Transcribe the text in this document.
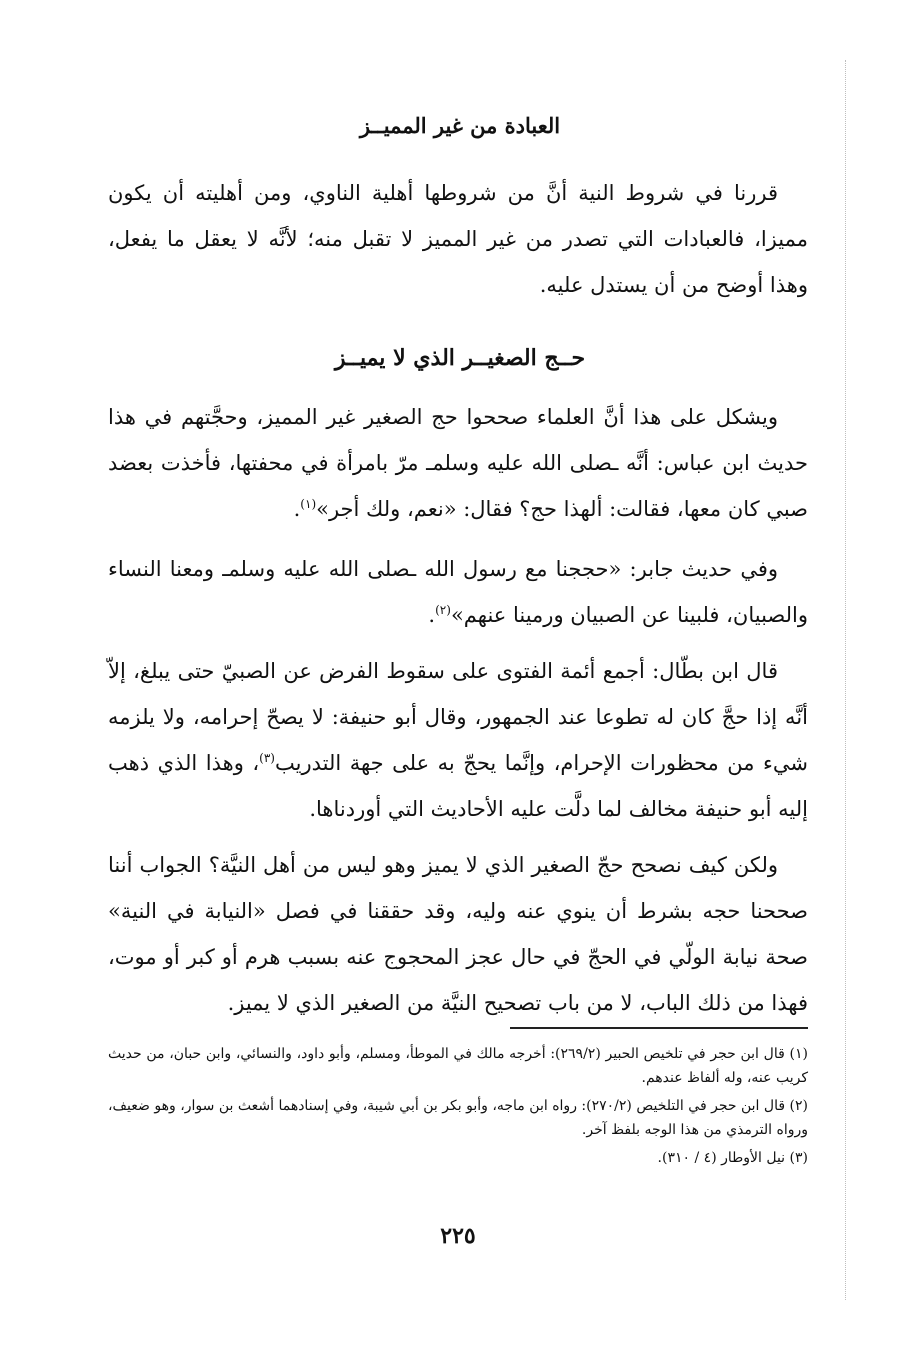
العبادة من غير المميــز

قررنا في شروط النية أنَّ من شروطها أهلية الناوي، ومن أهليته أن يكون مميزا، فالعبادات التي تصدر من غير المميز لا تقبل منه؛ لأنَّه لا يعقل ما يفعل، وهذا أوضح من أن يستدل عليه.

حــج الصغيــر الذي لا يميــز

ويشكل على هذا أنَّ العلماء صححوا حج الصغير غير المميز، وحجَّتهم في هذا حديث ابن عباس: أنَّه ـصلى الله عليه وسلمـ مرّ بامرأة في محفتها، فأخذت بعضد صبي كان معها، فقالت: ألهذا حج؟ فقال: «نعم، ولك أجر»$^{(١)}$.

وفي حديث جابر: «حججنا مع رسول الله ـصلى الله عليه وسلمـ ومعنا النساء والصبيان، فلبينا عن الصبيان ورمينا عنهم»$^{(٢)}$.

قال ابن بطّال: أجمع أئمة الفتوى على سقوط الفرض عن الصبيّ حتى يبلغ، إلاّ أنَّه إذا حجَّ كان له تطوعا عند الجمهور، وقال أبو حنيفة: لا يصحّ إحرامه، ولا يلزمه شيء من محظورات الإحرام، وإنَّما يحجّ به على جهة التدريب$^{(٣)}$، وهذا الذي ذهب إليه أبو حنيفة مخالف لما دلَّت عليه الأحاديث التي أوردناها.

ولكن كيف نصحح حجّ الصغير الذي لا يميز وهو ليس من أهل النيَّة؟ الجواب أننا صححنا حجه بشرط أن ينوي عنه وليه، وقد حققنا في فصل «النيابة في النية» صحة نيابة الولّي في الحجّ في حال عجز المحجوج عنه بسبب هرم أو كبر أو موت، فهذا من ذلك الباب، لا من باب تصحيح النيَّة من الصغير الذي لا يميز.

(١) قال ابن حجر في تلخيص الحبير (٢٦٩/٢): أخرجه مالك في الموطأ، ومسلم، وأبو داود، والنسائي، وابن حبان، من حديث كريب عنه، وله ألفاظ عندهم.
(٢) قال ابن حجر في التلخيص (٢٧٠/٢): رواه ابن ماجه، وأبو بكر بن أبي شيبة، وفي إسنادهما أشعث بن سوار، وهو ضعيف، ورواه الترمذي من هذا الوجه بلفظ آخر.
(٣) نيل الأوطار (٤ / ٣١٠).
٢٢٥
